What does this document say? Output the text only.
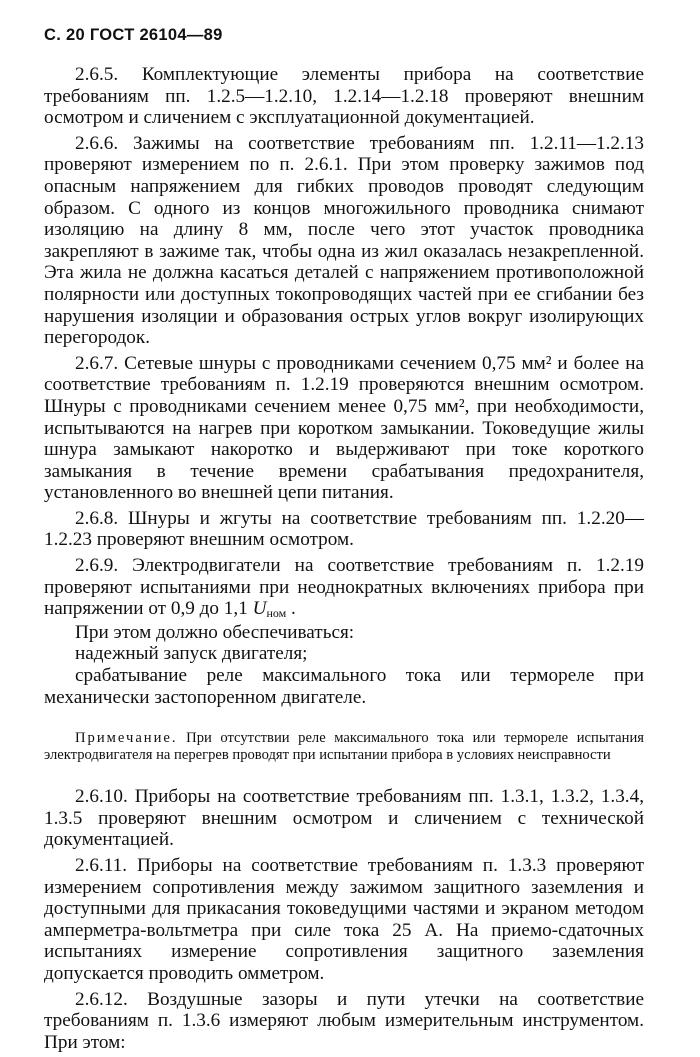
С. 20 ГОСТ 26104—89

2.6.5. Комплектующие элементы прибора на соответствие требованиям пп. 1.2.5—1.2.10, 1.2.14—1.2.18 проверяют внешним осмотром и сличением с эксплуатационной документацией.

2.6.6. Зажимы на соответствие требованиям пп. 1.2.11—1.2.13 проверяют измерением по п. 2.6.1. При этом проверку зажимов под опасным напряжением для гибких проводов проводят следующим образом. С одного из концов многожильного проводника снимают изоляцию на длину 8 мм, после чего этот участок проводника закрепляют в зажиме так, чтобы одна из жил оказалась незакрепленной. Эта жила не должна касаться деталей с напряжением противоположной полярности или доступных токопроводящих частей при ее сгибании без нарушения изоляции и образования острых углов вокруг изолирующих перегородок.

2.6.7. Сетевые шнуры с проводниками сечением 0,75 мм² и более на соответствие требованиям п. 1.2.19 проверяются внешним осмотром. Шнуры с проводниками сечением менее 0,75 мм², при необходимости, испытываются на нагрев при коротком замыкании. Токоведущие жилы шнура замыкают накоротко и выдерживают при токе короткого замыкания в течение времени срабатывания предохранителя, установленного во внешней цепи питания.

2.6.8. Шнуры и жгуты на соответствие требованиям пп. 1.2.20—1.2.23 проверяют внешним осмотром.

2.6.9. Электродвигатели на соответствие требованиям п. 1.2.19 проверяют испытаниями при неоднократных включениях прибора при напряжении от 0,9 до 1,1 Uном .

При этом должно обеспечиваться:

надежный запуск двигателя;

срабатывание реле максимального тока или термореле при механически застопоренном двигателе.

Примечание. При отсутствии реле максимального тока или термореле испытания электродвигателя на перегрев проводят при испытании прибора в условиях неисправности

2.6.10. Приборы на соответствие требованиям пп. 1.3.1, 1.3.2, 1.3.4, 1.3.5 проверяют внешним осмотром и сличением с технической документацией.

2.6.11. Приборы на соответствие требованиям п. 1.3.3 проверяют измерением сопротивления между зажимом защитного заземления и доступными для прикасания токоведущими частями и экраном методом амперметра-вольтметра при силе тока 25 А. На приемо-сдаточных испытаниях измерение сопротивления защитного заземления допускается проводить омметром.

2.6.12. Воздушные зазоры и пути утечки на соответствие требованиям п. 1.3.6 измеряют любым измерительным инструментом. При этом:
